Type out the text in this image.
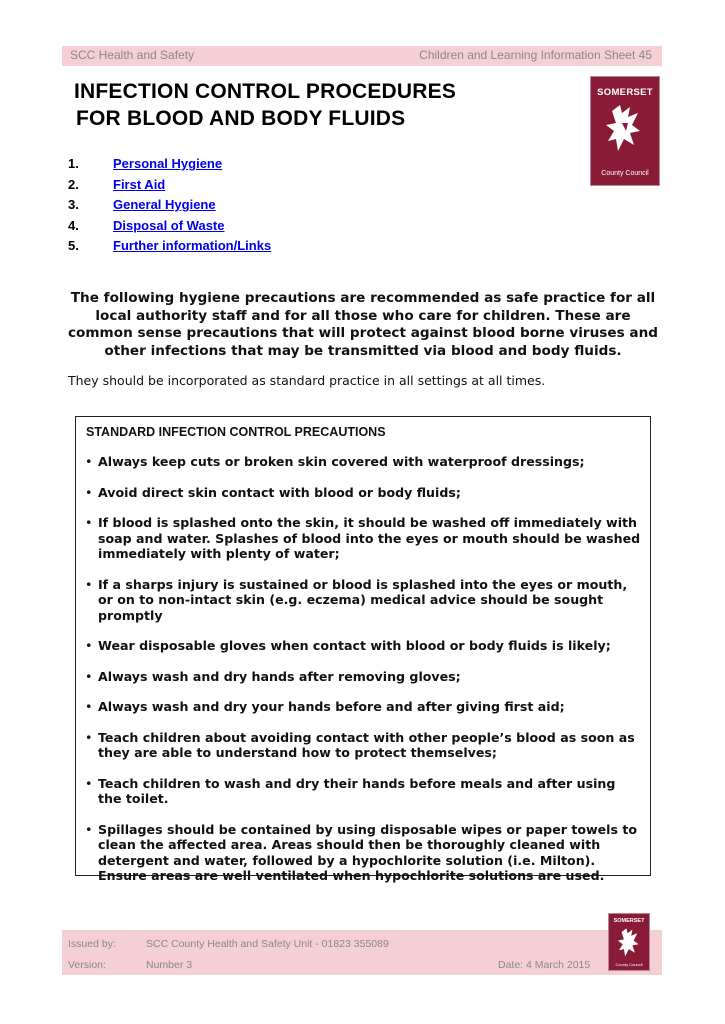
SCC Health and Safety	Children and Learning Information Sheet 45
INFECTION CONTROL PROCEDURES
FOR BLOOD AND BODY FLUIDS
SOMERSET
County Council
1.	Personal Hygiene
2.	First Aid
3.	General Hygiene
4.	Disposal of Waste
5.	Further information/Links

The following hygiene precautions are recommended as safe practice for all local authority staff and for all those who care for children. These are common sense precautions that will protect against blood borne viruses and other infections that may be transmitted via blood and body fluids.

They should be incorporated as standard practice in all settings at all times.

STANDARD INFECTION CONTROL PRECAUTIONS

• Always keep cuts or broken skin covered with waterproof dressings;
• Avoid direct skin contact with blood or body fluids;
• If blood is splashed onto the skin, it should be washed off immediately with soap and water. Splashes of blood into the eyes or mouth should be washed immediately with plenty of water;
• If a sharps injury is sustained or blood is splashed into the eyes or mouth, or on to non-intact skin (e.g. eczema) medical advice should be sought promptly
• Wear disposable gloves when contact with blood or body fluids is likely;
• Always wash and dry hands after removing gloves;
• Always wash and dry your hands before and after giving first aid;
• Teach children about avoiding contact with other people’s blood as soon as they are able to understand how to protect themselves;
• Teach children to wash and dry their hands before meals and after using the toilet.
• Spillages should be contained by using disposable wipes or paper towels to clean the affected area. Areas should then be thoroughly cleaned with detergent and water, followed by a hypochlorite solution (i.e. Milton). Ensure areas are well ventilated when hypochlorite solutions are used.
Issued by:	SCC County Health and Safety Unit - 01823 355089
Version:	Number 3	Date: 4 March 2015
SOMERSET
County Council
